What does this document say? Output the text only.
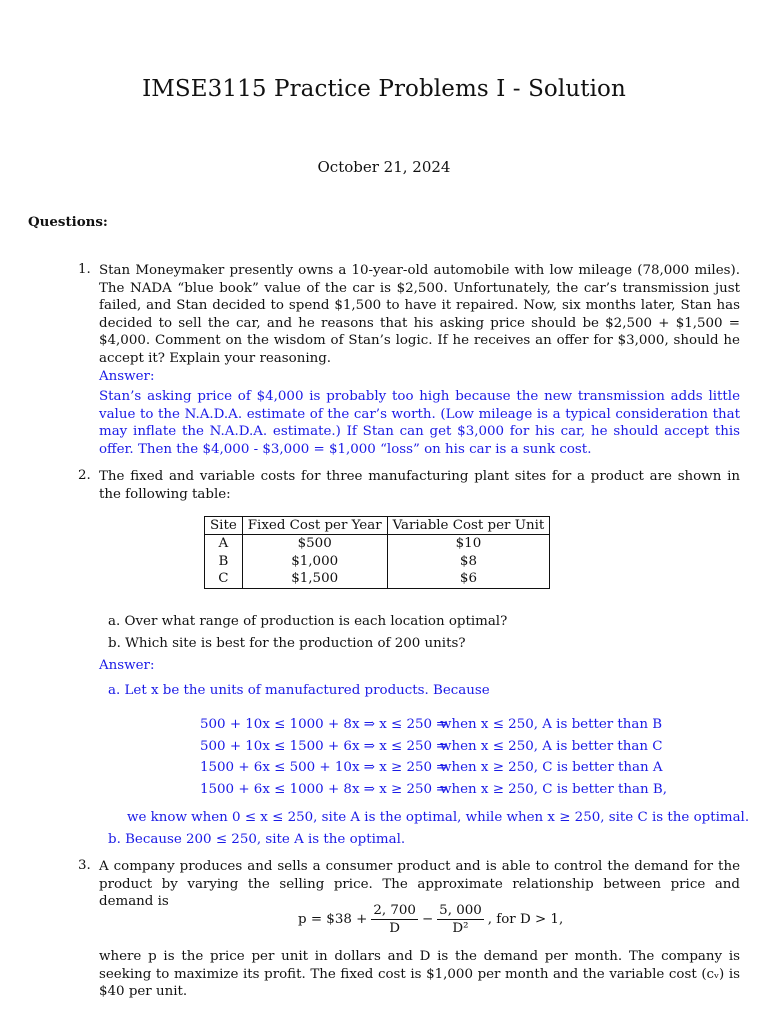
IMSE3115 Practice Problems I - Solution
October 21, 2024
Questions:
1. Stan Moneymaker presently owns a 10-year-old automobile with low mileage (78,000 miles). The NADA “blue book” value of the car is $2,500. Unfortunately, the car’s transmission just failed, and Stan decided to spend $1,500 to have it repaired. Now, six months later, Stan has decided to sell the car, and he reasons that his asking price should be $2,500 + $1,500 = $4,000. Comment on the wisdom of Stan’s logic. If he receives an offer for $3,000, should he accept it? Explain your reasoning.
Answer:
Stan’s asking price of $4,000 is probably too high because the new transmission adds little value to the N.A.D.A. estimate of the car’s worth. (Low mileage is a typical consideration that may inflate the N.A.D.A. estimate.) If Stan can get $3,000 for his car, he should accept this offer. Then the $4,000 - $3,000 = $1,000 “loss” on his car is a sunk cost.
2. The fixed and variable costs for three manufacturing plant sites for a product are shown in the following table:
Site	Fixed Cost per Year	Variable Cost per Unit
A	$500	$10
B	$1,000	$8
C	$1,500	$6
a. Over what range of production is each location optimal?
b. Which site is best for the production of 200 units?
Answer:
a. Let x be the units of manufactured products. Because
500 + 10x ≤ 1000 + 8x ⇒ x ≤ 250 ⇒
when x ≤ 250, A is better than B
500 + 10x ≤ 1500 + 6x ⇒ x ≤ 250 ⇒
when x ≤ 250, A is better than C
1500 + 6x ≤ 500 + 10x ⇒ x ≥ 250 ⇒
when x ≥ 250, C is better than A
1500 + 6x ≤ 1000 + 8x ⇒ x ≥ 250 ⇒
when x ≥ 250, C is better than B,
we know when 0 ≤ x ≤ 250, site A is the optimal, while when x ≥ 250, site C is the optimal.
b. Because 200 ≤ 250, site A is the optimal.
3. A company produces and sells a consumer product and is able to control the demand for the product by varying the selling price. The approximate relationship between price and demand is
p = $38 + $\frac{2, 700}{D} - \frac{5, 000}{\text{D²}}$ , for D > 1,
where p is the price per unit in dollars and D is the demand per month. The company is seeking to maximize its profit. The fixed cost is $1,000 per month and the variable cost (cᵥ) is $40 per unit.
